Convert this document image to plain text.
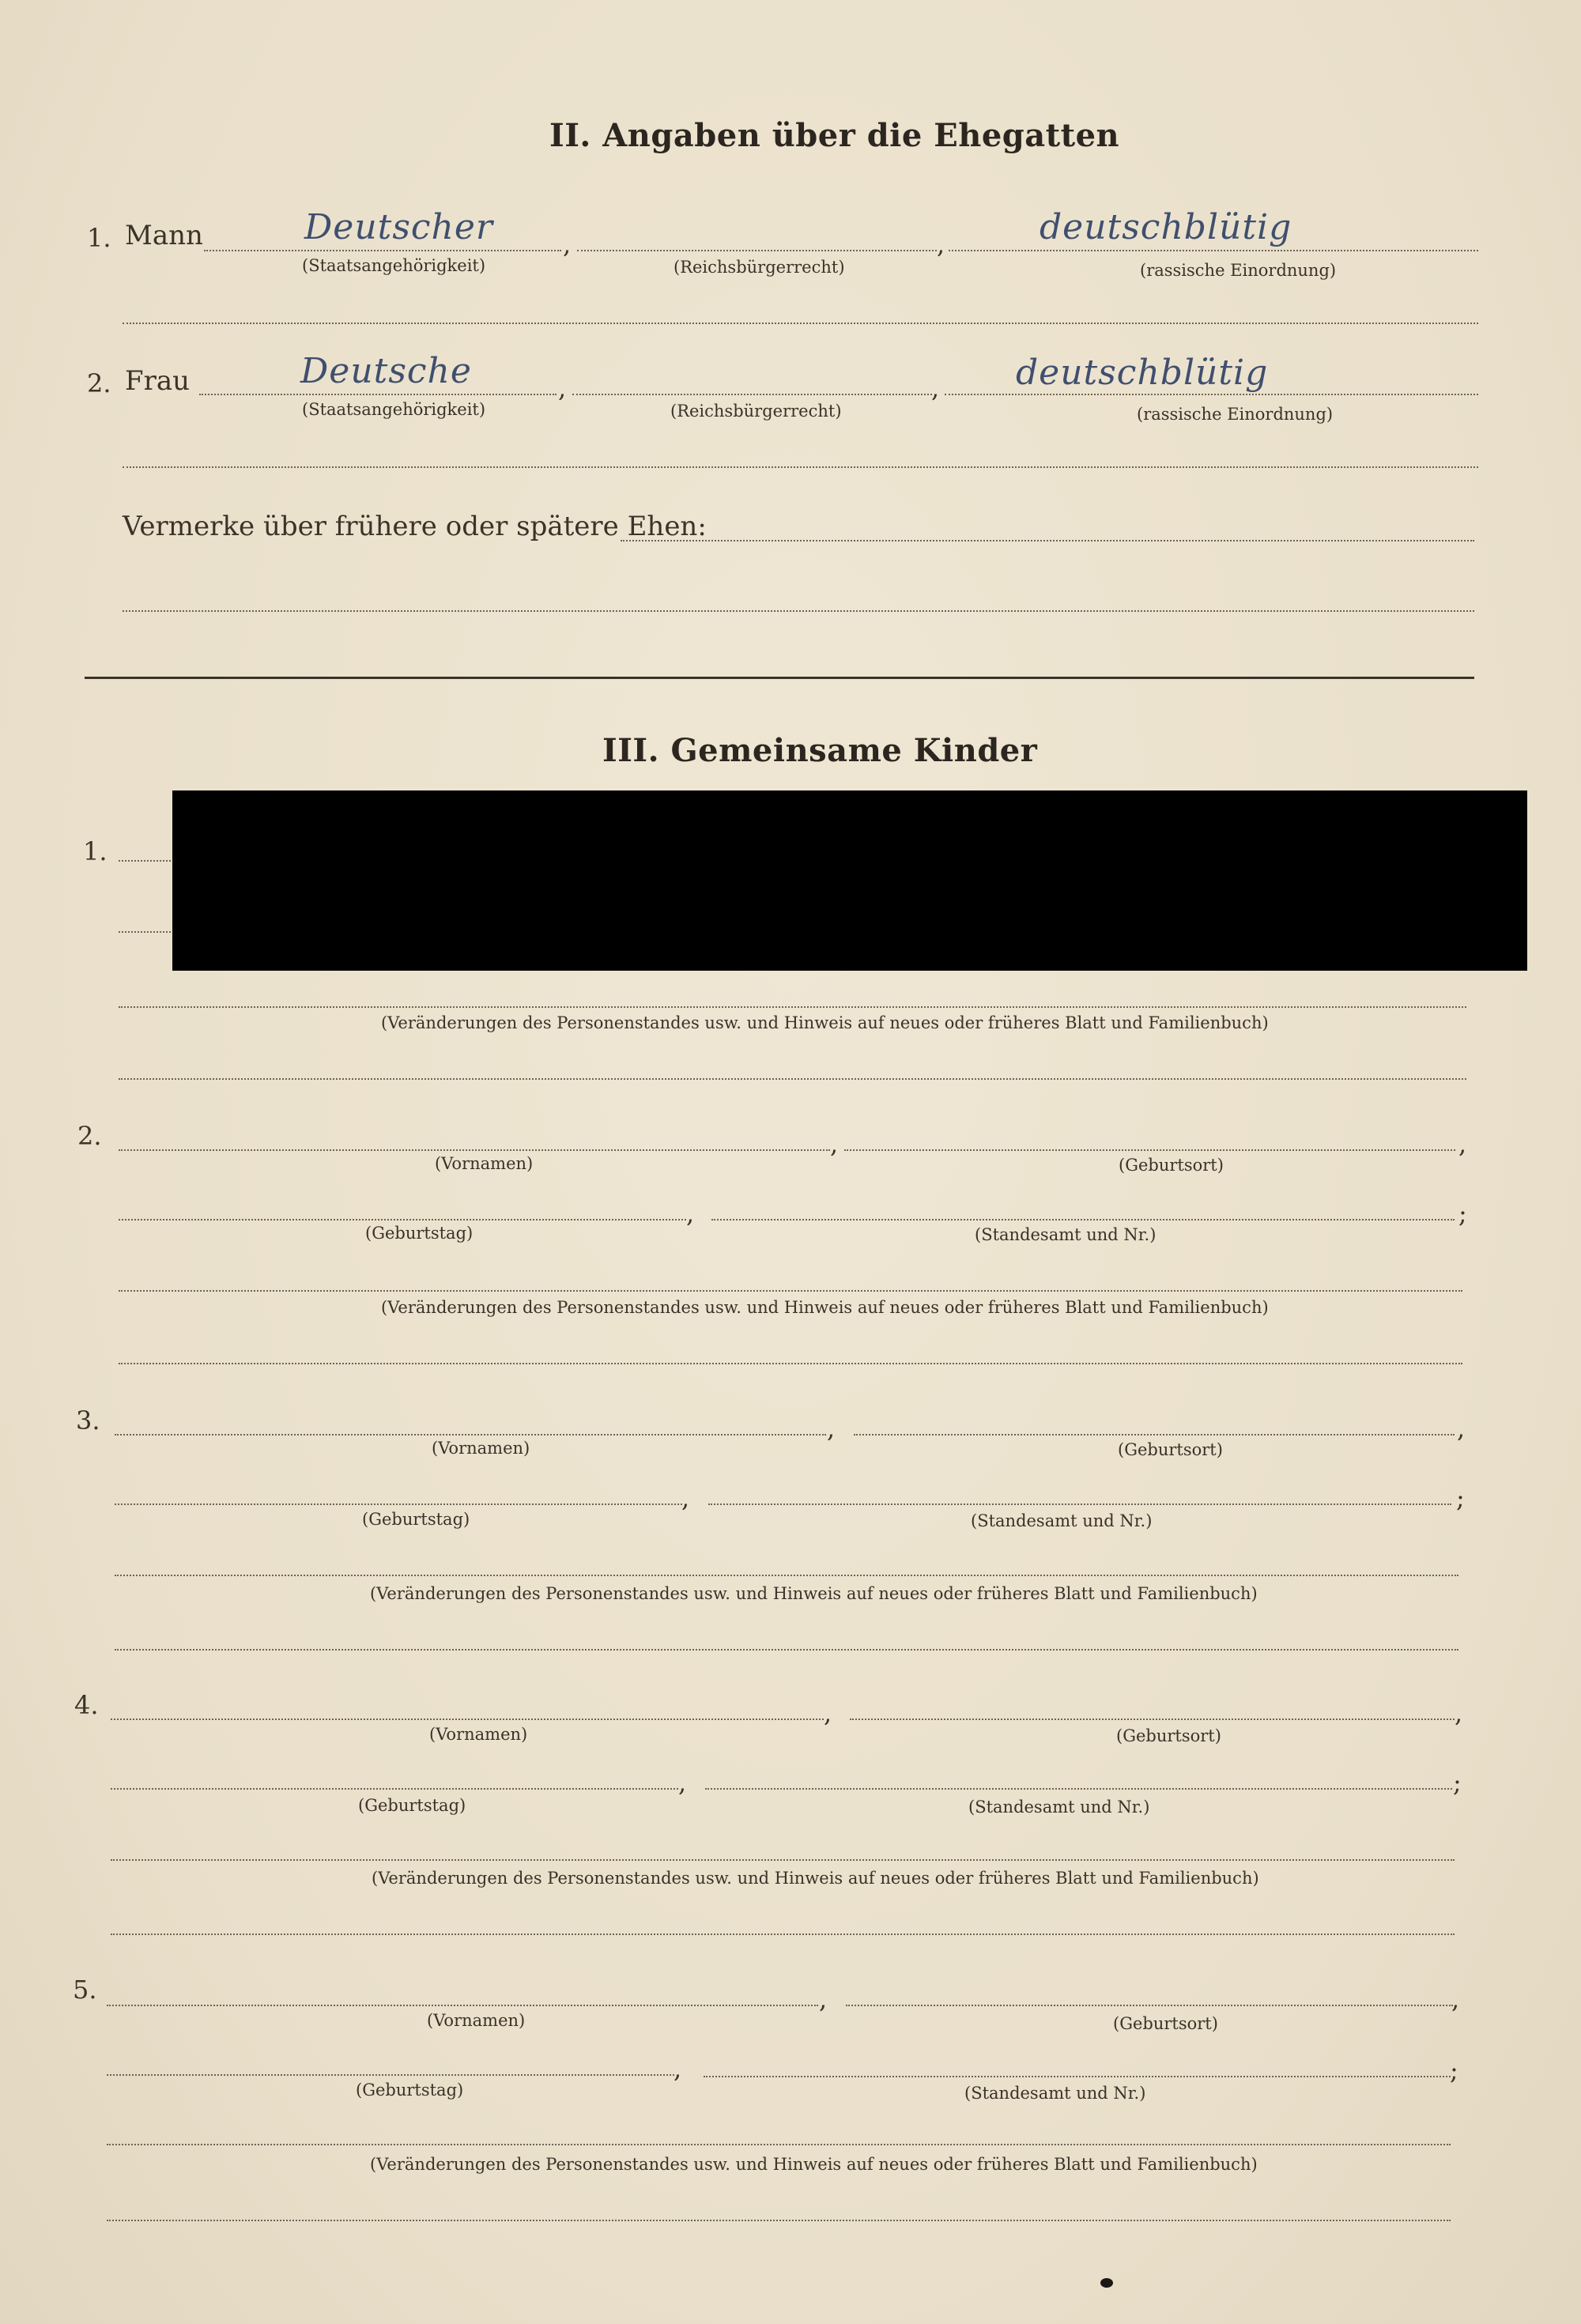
II. Angaben über die Ehegatten
1. Mann	Deutscher	,	,	deutschblütig
(Staatsangehörigkeit)	(Reichsbürgerrecht)	(rassische Einordnung)
2. Frau	Deutsche	,	, deutschblütig
(Staatsangehörigkeit)	(Reichsbürgerrecht)	(rassische Einordnung)
Vermerke über frühere oder spätere Ehen:
III. Gemeinsame Kinder
1.
(Veränderungen des Personenstandes usw. und Hinweis auf neues oder früheres Blatt und Familienbuch)
2.	,	,
(Vornamen)	(Geburtsort)
,	;
(Geburtstag)	(Standesamt und Nr.)
(Veränderungen des Personenstandes usw. und Hinweis auf neues oder früheres Blatt und Familienbuch)
3.	,	,
(Vornamen)	(Geburtsort)
,	;
(Geburtstag)	(Standesamt und Nr.)
(Veränderungen des Personenstandes usw. und Hinweis auf neues oder früheres Blatt und Familienbuch)
4.	,	,
(Vornamen)	(Geburtsort)
,	;
(Geburtstag)	(Standesamt und Nr.)
(Veränderungen des Personenstandes usw. und Hinweis auf neues oder früheres Blatt und Familienbuch)
5.	,	,
(Vornamen)	(Geburtsort)
,	;
(Geburtstag)	(Standesamt und Nr.)
(Veränderungen des Personenstandes usw. und Hinweis auf neues oder früheres Blatt und Familienbuch)
